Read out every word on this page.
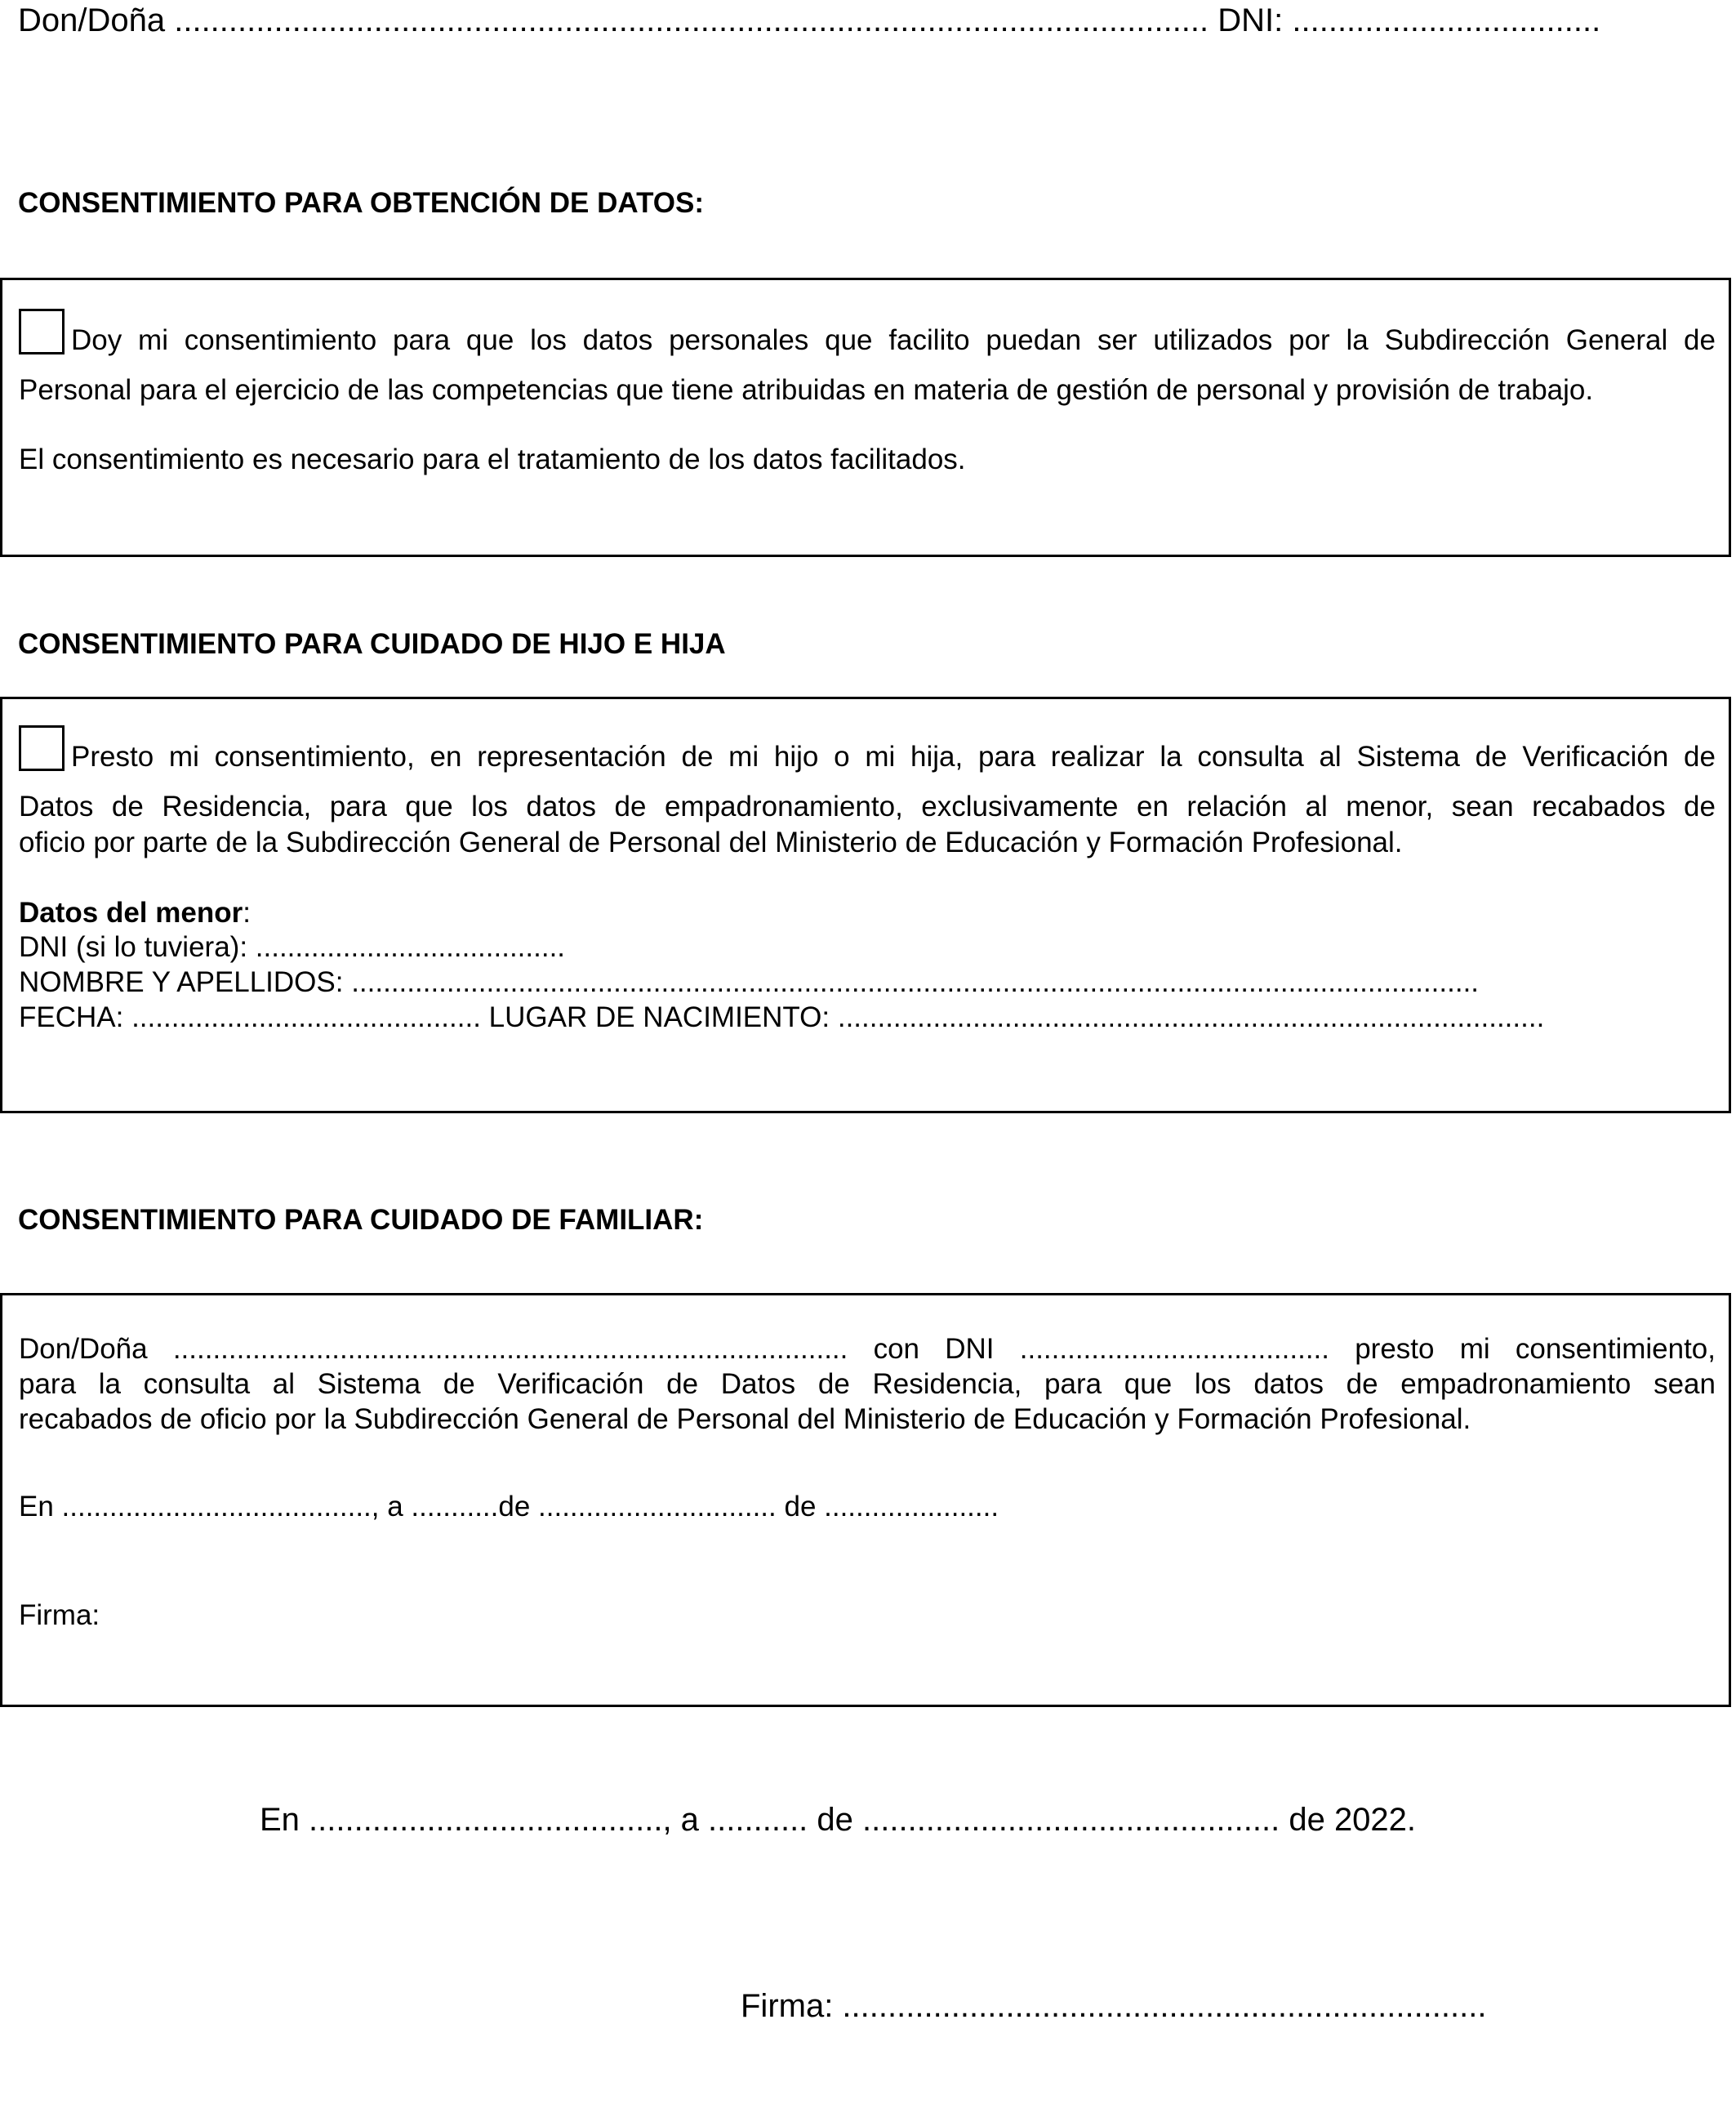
Don/Doña .................................................................................................................. DNI: ..................................
CONSENTIMIENTO PARA OBTENCIÓN DE DATOS:
Doy mi consentimiento para que los datos personales que facilito puedan ser utilizados por la Subdirección General de
Personal para el ejercicio de las competencias que tiene atribuidas en materia de gestión de personal y provisión de trabajo.
El consentimiento es necesario para el tratamiento de los datos facilitados.
CONSENTIMIENTO PARA CUIDADO DE HIJO E HIJA
Presto mi consentimiento, en representación de mi hijo o mi hija, para realizar la consulta al Sistema de Verificación de
Datos de Residencia, para que los datos de empadronamiento, exclusivamente en relación al menor, sean recabados de
oficio por parte de la Subdirección General de Personal del Ministerio de Educación y Formación Profesional.
Datos del menor:
DNI (si lo tuviera): .......................................
NOMBRE Y APELLIDOS: ..............................................................................................................................................
FECHA: ............................................ LUGAR DE NACIMIENTO: .........................................................................................
CONSENTIMIENTO PARA CUIDADO DE FAMILIAR:
Don/Doña ..................................................................................... con DNI ....................................... presto mi consentimiento,
para la consulta al Sistema de Verificación de Datos de Residencia, para que los datos de empadronamiento sean
recabados de oficio por la Subdirección General de Personal del Ministerio de Educación y Formación Profesional.
En ......................................., a ...........de .............................. de ......................
Firma:
En ......................................., a ........... de .............................................. de 2022.
Firma: .......................................................................
